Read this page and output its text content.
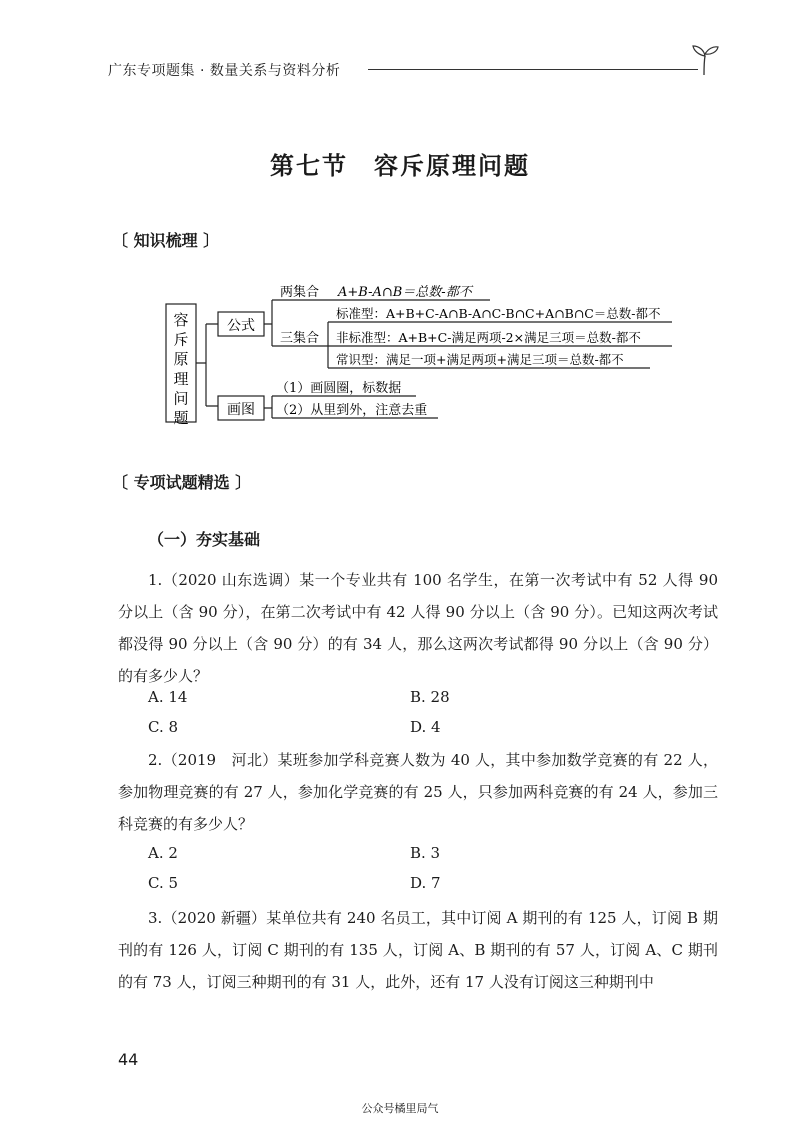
广东专项题集 · 数量关系与资料分析
第七节　容斥原理问题
〔 知识梳理 〕
容
斥
原
理
问
题
公式
画图
两集合 A+B-A∩B＝总数-都不
三集合
标准型：A+B+C-A∩B-A∩C-B∩C+A∩B∩C＝总数-都不
非标准型：A+B+C-满足两项-2×满足三项＝总数-都不
常识型：满足一项+满足两项+满足三项＝总数-都不
（1）画圆圈，标数据
（2）从里到外，注意去重
〔 专项试题精选 〕
（一）夯实基础
1.（2020 山东选调）某一个专业共有 100 名学生，在第一次考试中有 52 人得 90 分以上（含 90 分），在第二次考试中有 42 人得 90 分以上（含 90 分）。已知这两次考试都没得 90 分以上（含 90 分）的有 34 人，那么这两次考试都得 90 分以上（含 90 分）的有多少人？
A. 14	B. 28
C. 8	D. 4
2.（2019　河北）某班参加学科竞赛人数为 40 人，其中参加数学竞赛的有 22 人，参加物理竞赛的有 27 人，参加化学竞赛的有 25 人，只参加两科竞赛的有 24 人，参加三科竞赛的有多少人？
A. 2	B. 3
C. 5	D. 7
3.（2020 新疆）某单位共有 240 名员工，其中订阅 A 期刊的有 125 人，订阅 B 期刊的有 126 人，订阅 C 期刊的有 135 人，订阅 A、B 期刊的有 57 人，订阅 A、C 期刊的有 73 人，订阅三种期刊的有 31 人，此外，还有 17 人没有订阅这三种期刊中
44
公众号橘里局气
